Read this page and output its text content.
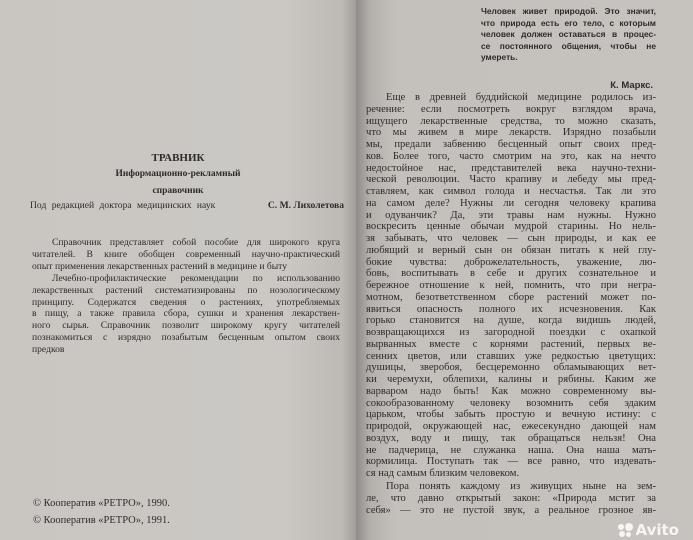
ТРАВНИК
Информационно-рекламный
справочник
Под редакцией доктора медицинских наук	С. М. Лихолетова
Справочник представляет собой пособие для широкого круга
читателей. В книге обобщен современный научно-практический
опыт применения лекарственных растений в медицине и быту
Лечебно-профилактические рекомендации по использованию
лекарственных растений систематизированы по нозологическому
принципу. Содержатся сведения о растениях, употребляемых
в пищу, а также правила сбора, сушки и хранения лекарствен-
ного сырья. Справочник позволит широкому кругу читателей
познакомиться с изрядно позабытым бесценным опытом своих
предков
© Кооператив «РЕТРО», 1990.
© Кооператив «РЕТРО», 1991.
Человек живет природой. Это значит,
что природа есть его тело, с которым
человек должен оставаться в процес-
се постоянного общения, чтобы не
умереть.
К. Маркс.
Еще в древней буддийской медицине родилось из-
речение: если посмотреть вокруг взглядом врача,
ищущего лекарственные средства, то можно сказать,
что мы живем в мире лекарств. Изрядно позабыли
мы, предали забвению бесценный опыт своих пред-
ков. Более того, часто смотрим на это, как на нечто
недостойное нас, представителей века научно-техни-
ческой революции. Часто крапиву и лебеду мы пред-
ставляем, как символ голода и несчастья. Так ли это
на самом деле? Нужны ли сегодня человеку крапива
и одуванчик? Да, эти травы нам нужны. Нужно
воскресить ценные обычаи мудрой старины. Но нель-
зя забывать, что человек — сын природы, и как ее
любящий и верный сын он обязан питать к ней глу-
бокие чувства: доброжелательность, уважение, лю-
бовь, воспитывать в себе и других сознательное и
бережное отношение к ней, помнить, что при негра-
мотном, безответственном сборе растений может по-
явиться опасность полного их исчезновения. Как
горько становится на душе, когда видишь людей,
возвращающихся из загородной поездки с охапкой
вырванных вместе с корнями растений, первых ве-
сенних цветов, или ставших уже редкостью цветущих:
душицы, зверобоя, бесцеремонно обламывающих вет-
ки черемухи, облепихи, калины и рябины. Каким же
варваром надо быть! Как можно современному вы-
сокообразованному человеку возомнить себя эдаким
царьком, чтобы забыть простую и вечную истину: с
природой, окружающей нас, ежесекундно дающей нам
воздух, воду и пищу, так обращаться нельзя! Она
не падчерица, не служанка наша. Она наша мать-
кормилица. Поступать так — все равно, что издевать-
ся над самым близким человеком.
Пора понять каждому из живущих ныне на зем-
ле, что давно открытый закон: «Природа мстит за
себя» — это не пустой звук, а реальное грозное яв-
Avito
